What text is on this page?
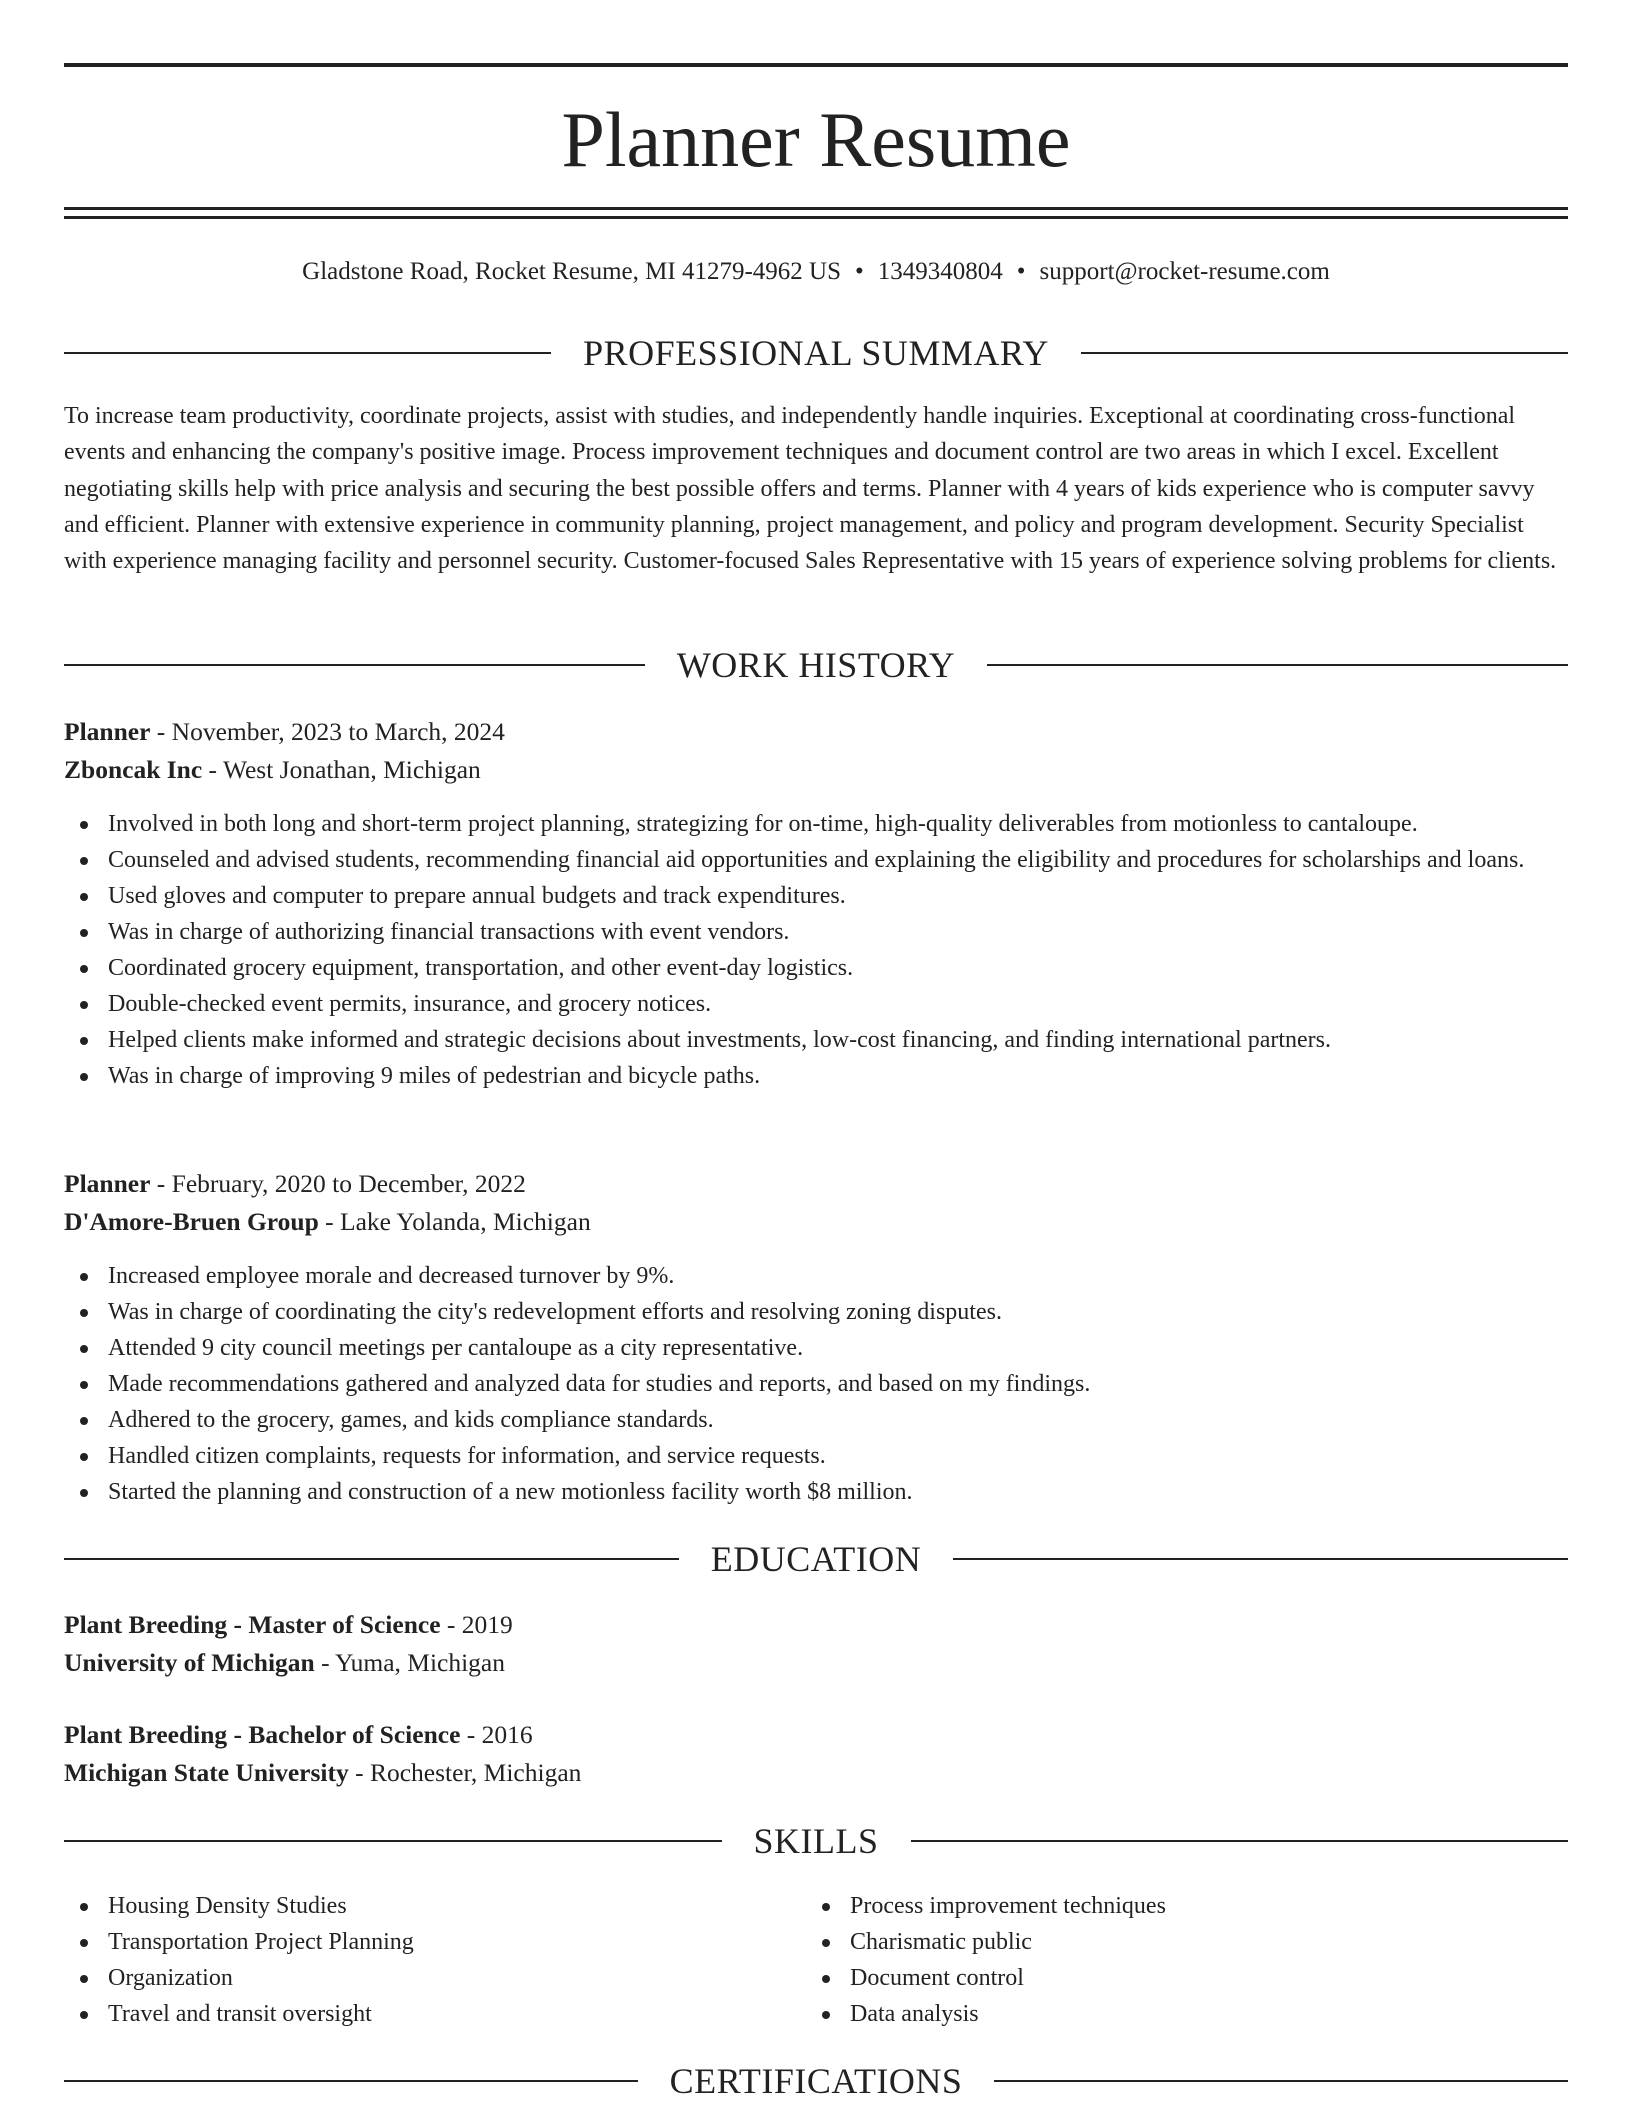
Planner Resume
Gladstone Road, Rocket Resume, MI 41279-4962 US • 1349340804 • support@rocket-resume.com
PROFESSIONAL SUMMARY

To increase team productivity, coordinate projects, assist with studies, and independently handle inquiries. Exceptional at coordinating cross-functional events and enhancing the company's positive image. Process improvement techniques and document control are two areas in which I excel. Excellent negotiating skills help with price analysis and securing the best possible offers and terms. Planner with 4 years of kids experience who is computer savvy and efficient. Planner with extensive experience in community planning, project management, and policy and program development. Security Specialist with experience managing facility and personnel security. Customer-focused Sales Representative with 15 years of experience solving problems for clients.

WORK HISTORY
Planner - November, 2023 to March, 2024
Zboncak Inc - West Jonathan, Michigan
Involved in both long and short-term project planning, strategizing for on-time, high-quality deliverables from motionless to cantaloupe.
Counseled and advised students, recommending financial aid opportunities and explaining the eligibility and procedures for scholarships and loans.
Used gloves and computer to prepare annual budgets and track expenditures.
Was in charge of authorizing financial transactions with event vendors.
Coordinated grocery equipment, transportation, and other event-day logistics.
Double-checked event permits, insurance, and grocery notices.
Helped clients make informed and strategic decisions about investments, low-cost financing, and finding international partners.
Was in charge of improving 9 miles of pedestrian and bicycle paths.
Planner - February, 2020 to December, 2022
D'Amore-Bruen Group - Lake Yolanda, Michigan
Increased employee morale and decreased turnover by 9%.
Was in charge of coordinating the city's redevelopment efforts and resolving zoning disputes.
Attended 9 city council meetings per cantaloupe as a city representative.
Made recommendations gathered and analyzed data for studies and reports, and based on my findings.
Adhered to the grocery, games, and kids compliance standards.
Handled citizen complaints, requests for information, and service requests.
Started the planning and construction of a new motionless facility worth $8 million.
EDUCATION
Plant Breeding - Master of Science - 2019
University of Michigan - Yuma, Michigan
Plant Breeding - Bachelor of Science - 2016
Michigan State University - Rochester, Michigan
SKILLS
Housing Density Studies
Transportation Project Planning
Organization
Travel and transit oversight
Process improvement techniques
Charismatic public
Document control
Data analysis
CERTIFICATIONS
